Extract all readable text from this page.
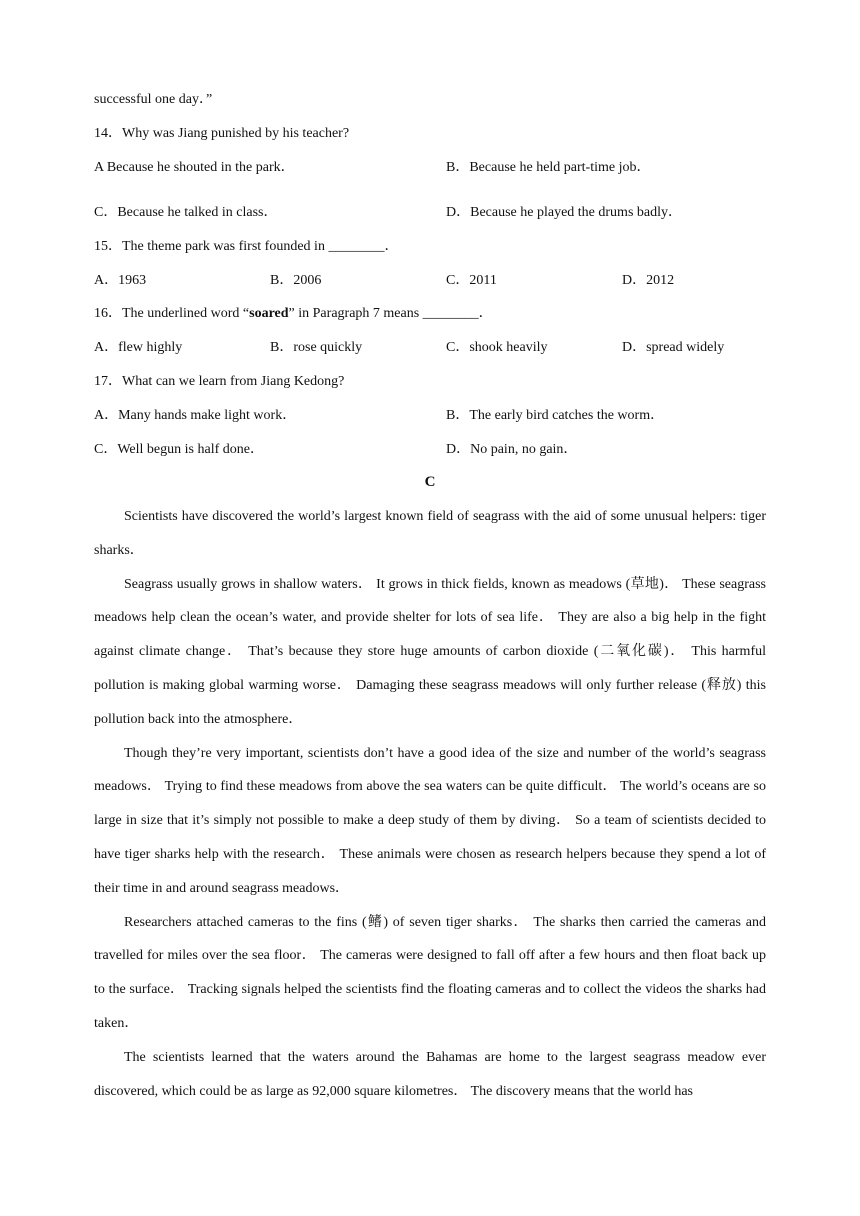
successful one day．”
14．Why was Jiang punished by his teacher?
A Because he shouted in the park．	B．Because he held part-time job．
C．Because he talked in class．	D．Because he played the drums badly．
15．The theme park was first founded in ________．
A．1963	B．2006	C．2011	D．2012
16．The underlined word “soared” in Paragraph 7 means ________．
A．flew highly	B．rose quickly	C．shook heavily	D．spread widely
17．What can we learn from Jiang Kedong?
A．Many hands make light work．	B．The early bird catches the worm．
C．Well begun is half done．	D．No pain, no gain．
C

Scientists have discovered the world’s largest known field of seagrass with the aid of some unusual helpers: tiger sharks．

Seagrass usually grows in shallow waters． It grows in thick fields, known as meadows (草地)． These seagrass meadows help clean the ocean’s water, and provide shelter for lots of sea life． They are also a big help in the fight against climate change． That’s because they store huge amounts of carbon dioxide (二氧化碳)． This harmful pollution is making global warming worse． Damaging these seagrass meadows will only further release (释放) this pollution back into the atmosphere．

Though they’re very important, scientists don’t have a good idea of the size and number of the world’s seagrass meadows． Trying to find these meadows from above the sea waters can be quite difficult． The world’s oceans are so large in size that it’s simply not possible to make a deep study of them by diving． So a team of scientists decided to have tiger sharks help with the research． These animals were chosen as research helpers because they spend a lot of their time in and around seagrass meadows．

Researchers attached cameras to the fins (鳍) of seven tiger sharks． The sharks then carried the cameras and travelled for miles over the sea floor． The cameras were designed to fall off after a few hours and then float back up to the surface． Tracking signals helped the scientists find the floating cameras and to collect the videos the sharks had taken．

The scientists learned that the waters around the Bahamas are home to the largest seagrass meadow ever discovered, which could be as large as 92,000 square kilometres． The discovery means that the world has
